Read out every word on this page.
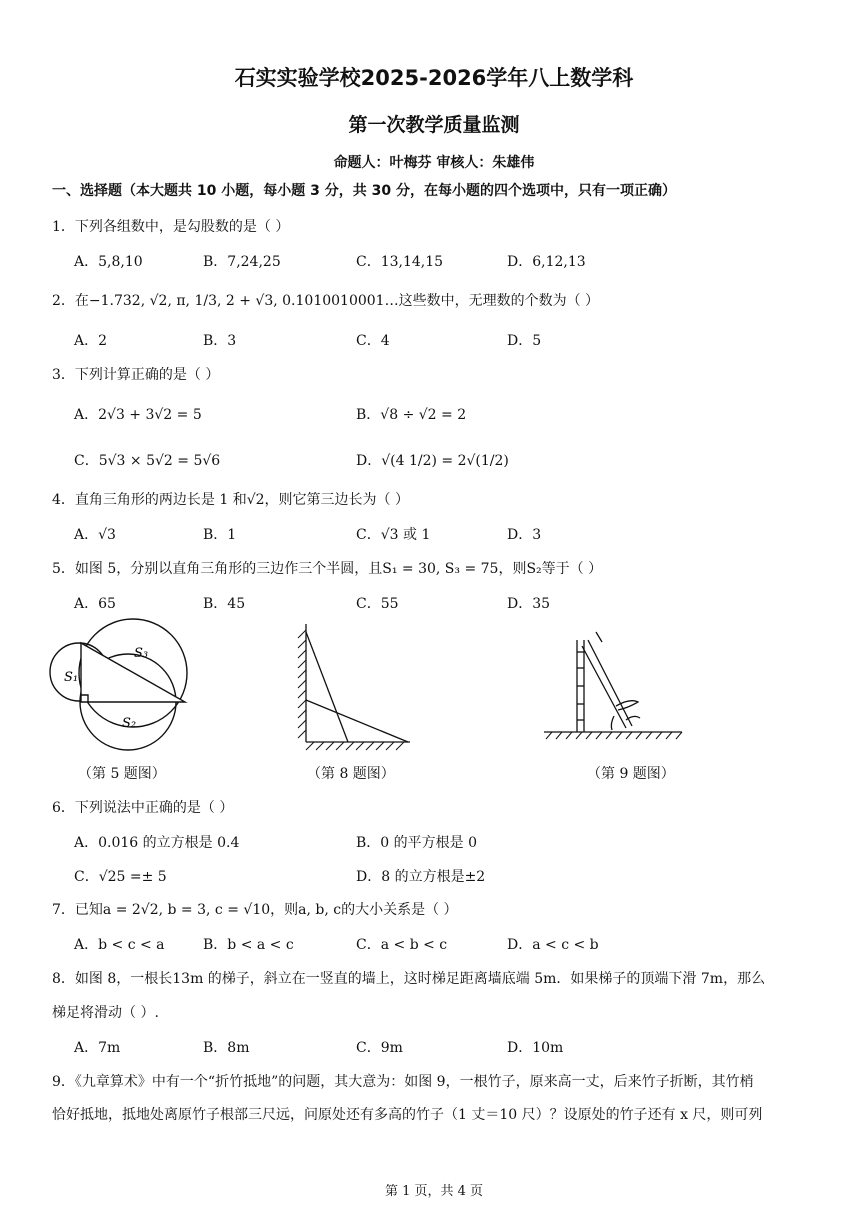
石实实验学校2025-2026学年八上数学科
第一次教学质量监测
命题人：叶梅芬 审核人：朱雄伟
一、选择题（本大题共 10 小题，每小题 3 分，共 30 分，在每小题的四个选项中，只有一项正确）
1．下列各组数中，是勾股数的是（ ）
A．5,8,10	B．7,24,25	C．13,14,15	D．6,12,13
2．在−1.732, √2, π, 1/3, 2 + √3, 0.1010010001…这些数中，无理数的个数为（ ）
A．2	B．3	C．4	D．5
3．下列计算正确的是（ ）
A．2√3 + 3√2 = 5	B．√8 ÷ √2 = 2
C．5√3 × 5√2 = 5√6	D．√(4 1/2) = 2√(1/2)
4．直角三角形的两边长是 1 和√2，则它第三边长为（ ）
A．√3	B．1	C．√3 或 1	D．3
5．如图 5，分别以直角三角形的三边作三个半圆，且S₁ = 30, S₃ = 75，则S₂等于（ ）
A．65	B．45	C．55	D．35
S₃
S₁
S₂
（第 5 题图）	（第 8 题图）	（第 9 题图）
6．下列说法中正确的是（ ）
A．0.016 的立方根是 0.4	B．0 的平方根是 0
C．√25 =± 5	D．8 的立方根是±2
7．已知a = 2√2, b = 3, c = √10，则a, b, c的大小关系是（ ）
A．b < c < a	B．b < a < c	C．a < b < c	D．a < c < b
8．如图 8，一根长13m 的梯子，斜立在一竖直的墙上，这时梯足距离墙底端 5m．如果梯子的顶端下滑 7m，那么
梯足将滑动（ ）.
A．7m	B．8m	C．9m	D．10m
9．《九章算术》中有一个“折竹抵地”的问题，其大意为：如图 9，一根竹子，原来高一丈，后来竹子折断，其竹梢
恰好抵地，抵地处离原竹子根部三尺远，问原处还有多高的竹子（1 丈＝10 尺）？设原处的竹子还有 x 尺，则可列
第 1 页，共 4 页
